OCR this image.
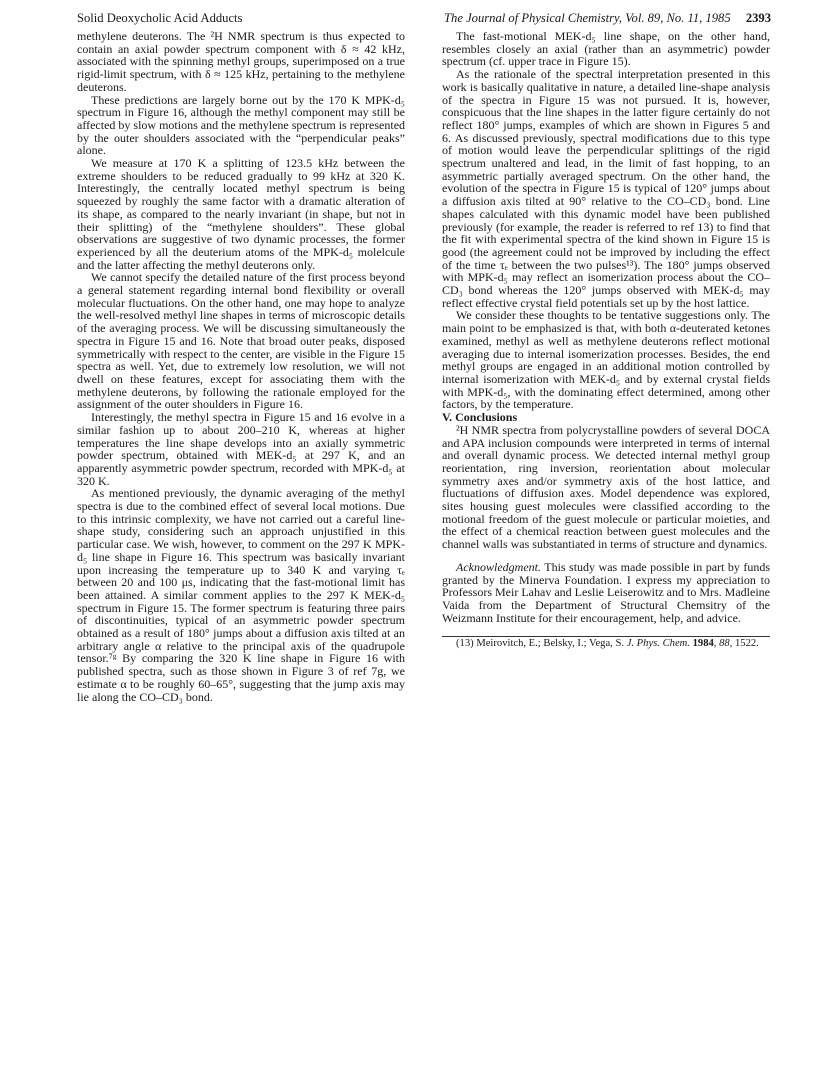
Solid Deoxycholic Acid Adducts	The Journal of Physical Chemistry, Vol. 89, No. 11, 1985 2393

methylene deuterons. The ²H NMR spectrum is thus expected to contain an axial powder spectrum component with δ ≈ 42 kHz, associated with the spinning methyl groups, superimposed on a true rigid-limit spectrum, with δ ≈ 125 kHz, pertaining to the methylene deuterons.

These predictions are largely borne out by the 170 K MPK-d₅ spectrum in Figure 16, although the methyl component may still be affected by slow motions and the methylene spectrum is represented by the outer shoulders associated with the “perpendicular peaks” alone.

We measure at 170 K a splitting of 123.5 kHz between the extreme shoulders to be reduced gradually to 99 kHz at 320 K. Interestingly, the centrally located methyl spectrum is being squeezed by roughly the same factor with a dramatic alteration of its shape, as compared to the nearly invariant (in shape, but not in their splitting) of the “methylene shoulders”. These global observations are suggestive of two dynamic processes, the former experienced by all the deuterium atoms of the MPK-d₅ molelcule and the latter affecting the methyl deuterons only.

We cannot specify the detailed nature of the first process beyond a general statement regarding internal bond flexibility or overall molecular fluctuations. On the other hand, one may hope to analyze the well-resolved methyl line shapes in terms of microscopic details of the averaging process. We will be discussing simultaneously the spectra in Figure 15 and 16. Note that broad outer peaks, disposed symmetrically with respect to the center, are visible in the Figure 15 spectra as well. Yet, due to extremely low resolution, we will not dwell on these features, except for associating them with the methylene deuterons, by following the rationale employed for the assignment of the outer shoulders in Figure 16.

Interestingly, the methyl spectra in Figure 15 and 16 evolve in a similar fashion up to about 200–210 K, whereas at higher temperatures the line shape develops into an axially symmetric powder spectrum, obtained with MEK-d₅ at 297 K, and an apparently asymmetric powder spectrum, recorded with MPK-d₅ at 320 K.

As mentioned previously, the dynamic averaging of the methyl spectra is due to the combined effect of several local motions. Due to this intrinsic complexity, we have not carried out a careful line-shape study, considering such an approach unjustified in this particular case. We wish, however, to comment on the 297 K MPK-d₅ line shape in Figure 16. This spectrum was basically invariant upon increasing the temperature up to 340 K and varying τₑ between 20 and 100 μs, indicating that the fast-motional limit has been attained. A similar comment applies to the 297 K MEK-d₅ spectrum in Figure 15. The former spectrum is featuring three pairs of discontinuities, typical of an asymmetric powder spectrum obtained as a result of 180° jumps about a diffusion axis tilted at an arbitrary angle α relative to the principal axis of the quadrupole tensor.⁷ᵍ By comparing the 320 K line shape in Figure 16 with published spectra, such as those shown in Figure 3 of ref 7g, we estimate α to be roughly 60–65°, suggesting that the jump axis may lie along the CO–CD₃ bond.

The fast-motional MEK-d₅ line shape, on the other hand, resembles closely an axial (rather than an asymmetric) powder spectrum (cf. upper trace in Figure 15).

As the rationale of the spectral interpretation presented in this work is basically qualitative in nature, a detailed line-shape analysis of the spectra in Figure 15 was not pursued. It is, however, conspicuous that the line shapes in the latter figure certainly do not reflect 180° jumps, examples of which are shown in Figures 5 and 6. As discussed previously, spectral modifications due to this type of motion would leave the perpendicular splittings of the rigid spectrum unaltered and lead, in the limit of fast hopping, to an asymmetric partially averaged spectrum. On the other hand, the evolution of the spectra in Figure 15 is typical of 120° jumps about a diffusion axis tilted at 90° relative to the CO–CD₃ bond. Line shapes calculated with this dynamic model have been published previously (for example, the reader is referred to ref 13) to find that the fit with experimental spectra of the kind shown in Figure 15 is good (the agreement could not be improved by including the effect of the time τₑ between the two pulses¹³). The 180° jumps observed with MPK-d₅ may reflect an isomerization process about the CO–CD₃ bond whereas the 120° jumps observed with MEK-d₅ may reflect effective crystal field potentials set up by the host lattice.

We consider these thoughts to be tentative suggestions only. The main point to be emphasized is that, with both α-deuterated ketones examined, methyl as well as methylene deuterons reflect motional averaging due to internal isomerization processes. Besides, the end methyl groups are engaged in an additional motion controlled by internal isomerization with MEK-d₅ and by external crystal fields with MPK-d₅, with the dominating effect determined, among other factors, by the temperature.

V. Conclusions

²H NMR spectra from polycrystalline powders of several DOCA and APA inclusion compounds were interpreted in terms of internal and overall dynamic process. We detected internal methyl group reorientation, ring inversion, reorientation about molecular symmetry axes and/or symmetry axis of the host lattice, and fluctuations of diffusion axes. Model dependence was explored, sites housing guest molecules were classified according to the motional freedom of the guest molecule or particular moieties, and the effect of a chemical reaction between guest molecules and the channel walls was substantiated in terms of structure and dynamics.

Acknowledgment. This study was made possible in part by funds granted by the Minerva Foundation. I express my appreciation to Professors Meir Lahav and Leslie Leiserowitz and to Mrs. Madleine Vaida from the Department of Structural Chemsitry of the Weizmann Institute for their encouragement, help, and advice.

(13) Meirovitch, E.; Belsky, I.; Vega, S. J. Phys. Chem. 1984, 88, 1522.
